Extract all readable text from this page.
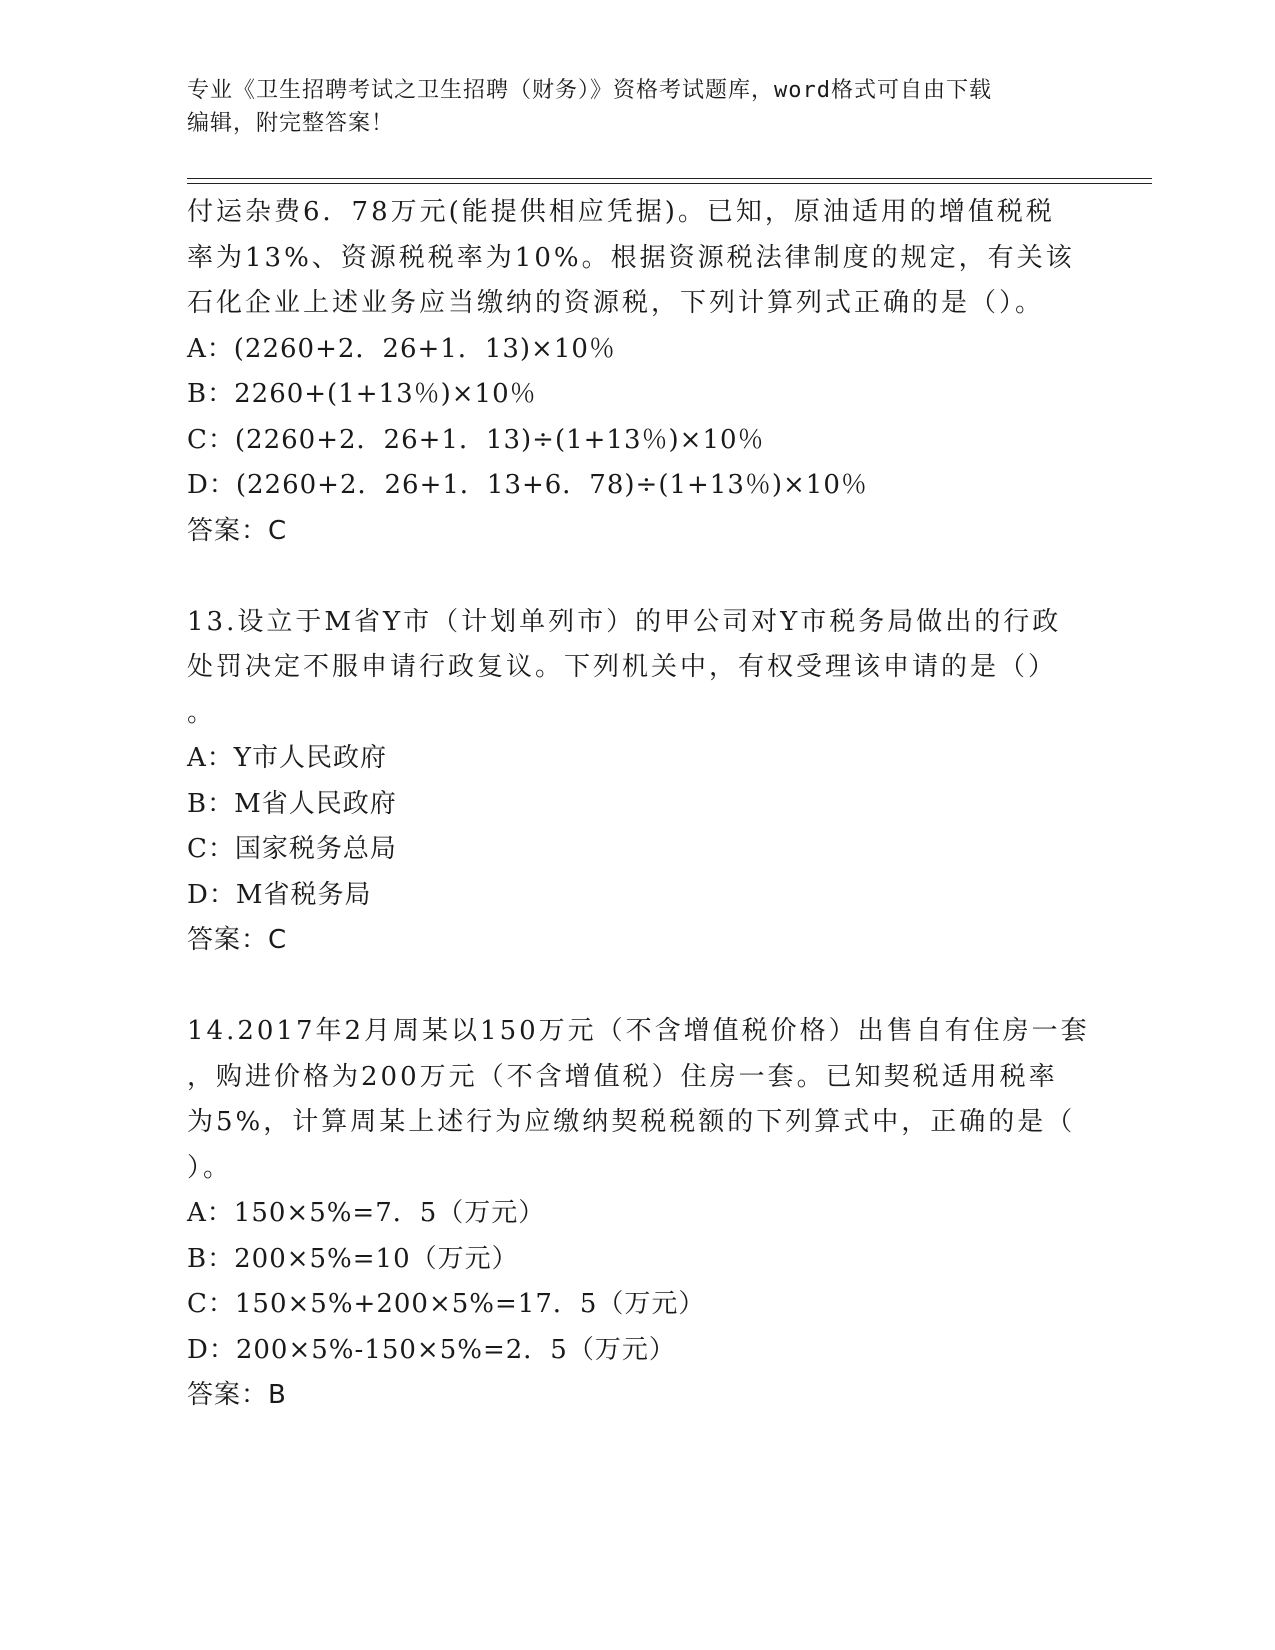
专业《卫生招聘考试之卫生招聘（财务）》资格考试题库，word格式可自由下载
编辑，附完整答案！
付运杂费6．78万元(能提供相应凭据)。已知，原油适用的增值税税
率为13%、资源税税率为10%。根据资源税法律制度的规定，有关该
石化企业上述业务应当缴纳的资源税，下列计算列式正确的是（）。
A：(2260+2．26+1．13)×10％
B：2260+(1+13％)×10％
C：(2260+2．26+1．13)÷(1+13％)×10％
D：(2260+2．26+1．13+6．78)÷(1+13％)×10％
答案：C
13.设立于M省Y市（计划单列市）的甲公司对Y市税务局做出的行政
处罚决定不服申请行政复议。下列机关中，有权受理该申请的是（）
。
A：Y市人民政府
B：M省人民政府
C：国家税务总局
D：M省税务局
答案：C
14.2017年2月周某以150万元（不含增值税价格）出售自有住房一套
，购进价格为200万元（不含增值税）住房一套。已知契税适用税率
为5%，计算周某上述行为应缴纳契税税额的下列算式中，正确的是（
）。
A：150×5%=7．5（万元）
B：200×5%=10（万元）
C：150×5%+200×5%=17．5（万元）
D：200×5%-150×5%=2．5（万元）
答案：B
